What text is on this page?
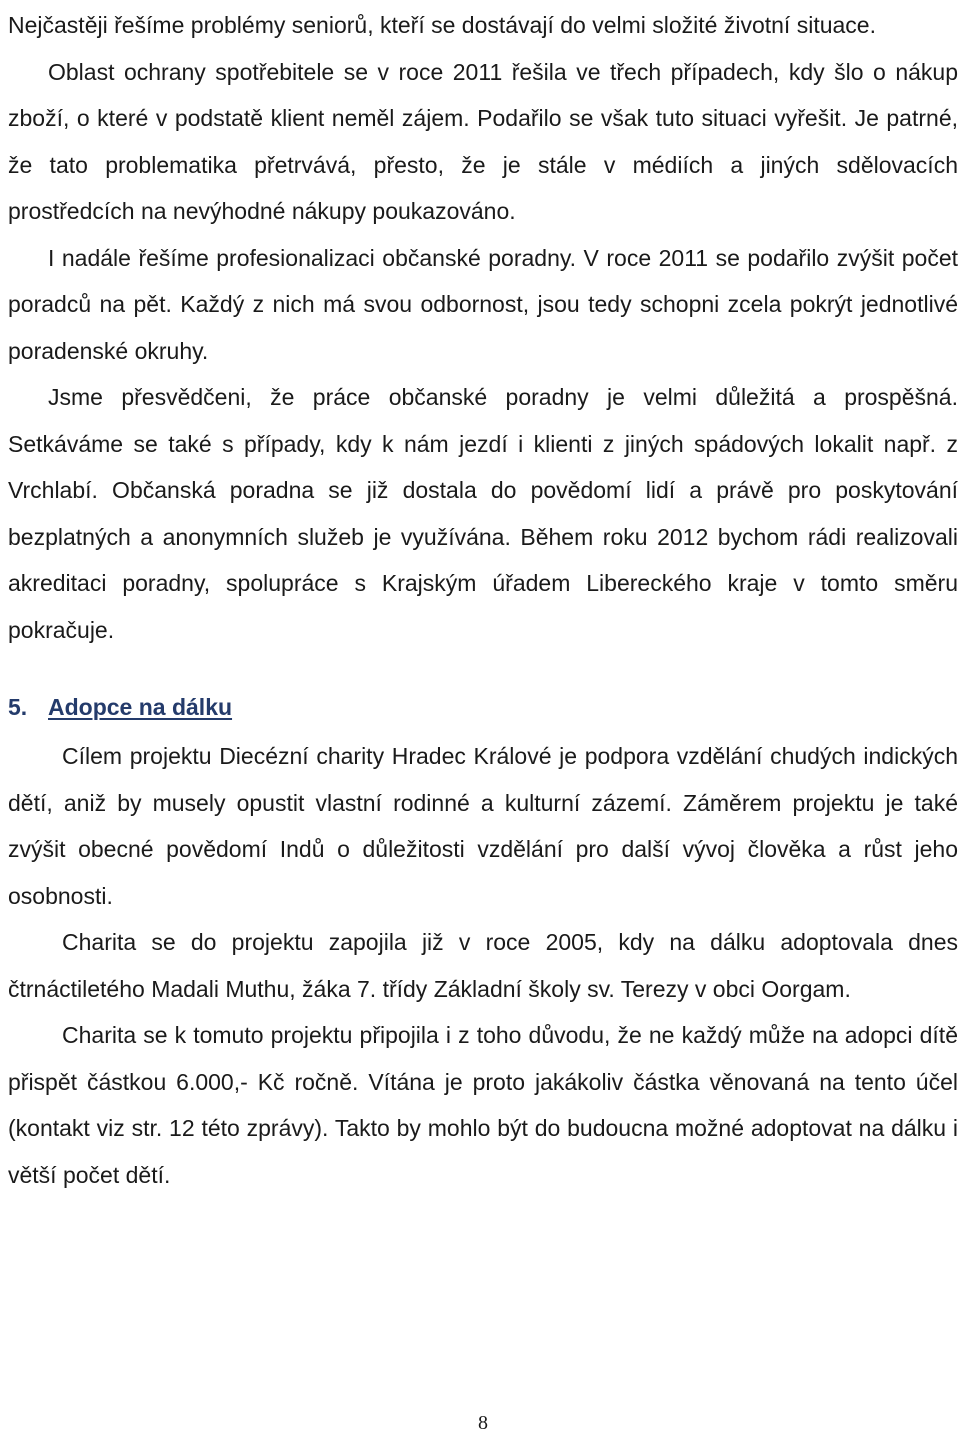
Nejčastěji řešíme problémy seniorů, kteří se dostávají do velmi složité životní situace.

Oblast ochrany spotřebitele se v roce 2011 řešila ve třech případech, kdy šlo o nákup zboží, o které v podstatě klient neměl zájem. Podařilo se však tuto situaci vyřešit. Je patrné, že tato problematika přetrvává, přesto, že je stále v médiích a jiných sdělovacích prostředcích na nevýhodné nákupy poukazováno.

I nadále řešíme profesionalizaci občanské poradny. V roce 2011 se podařilo zvýšit počet poradců na pět. Každý z nich má svou odbornost, jsou tedy schopni zcela pokrýt jednotlivé poradenské okruhy.

Jsme přesvědčeni, že práce občanské poradny je velmi důležitá a prospěšná. Setkáváme se také s případy, kdy k nám jezdí i klienti z jiných spádových lokalit např. z Vrchlabí. Občanská poradna se již dostala do povědomí lidí a právě pro poskytování bezplatných a anonymních služeb je využívána. Během roku 2012 bychom rádi realizovali akreditaci poradny, spolupráce s Krajským úřadem Libereckého kraje v tomto směru pokračuje.

5. Adopce na dálku

Cílem projektu Diecézní charity Hradec Králové je podpora vzdělání chudých indických dětí, aniž by musely opustit vlastní rodinné a kulturní zázemí. Záměrem projektu je také zvýšit obecné povědomí Indů o důležitosti vzdělání pro další vývoj člověka a růst jeho osobnosti.

Charita se do projektu zapojila již v roce 2005, kdy na dálku adoptovala dnes čtrnáctiletého Madali Muthu, žáka 7. třídy Základní školy sv. Terezy v obci Oorgam.

Charita se k tomuto projektu připojila i z toho důvodu, že ne každý může na adopci dítě přispět částkou 6.000,- Kč ročně. Vítána je proto jakákoliv částka věnovaná na tento účel (kontakt viz str. 12 této zprávy). Takto by mohlo být do budoucna možné adoptovat na dálku i větší počet dětí.

8
